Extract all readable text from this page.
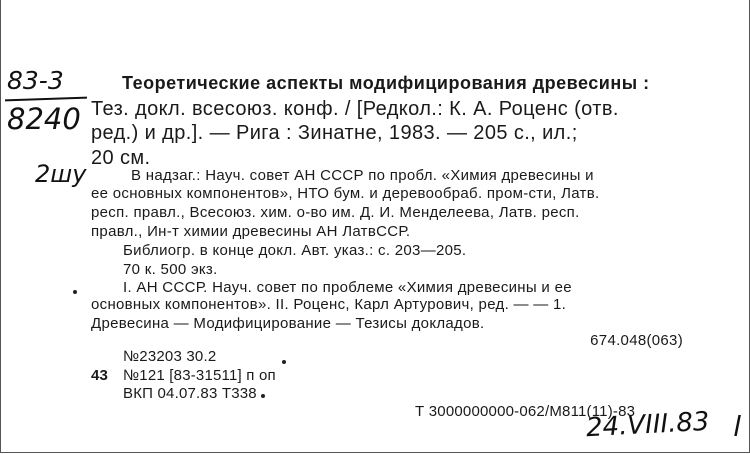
83-3
8240
2шу
Теоретические аспекты модифицирования древесины :
Тез. докл. всесоюз. конф. / [Редкол.: К. А. Роценс (отв.
ред.) и др.]. — Рига : Зинатне, 1983. — 205 с., ил.;
20 см.
В надзаг.: Науч. совет АН СССР по пробл. «Химия древесины и
ее основных компонентов», НТО бум. и деревообраб. пром-сти, Латв.
респ. правл., Всесоюз. хим. о-во им. Д. И. Менделеева, Латв. респ.
правл., Ин-т химии древесины АН ЛатвССР.
Библиогр. в конце докл. Авт. указ.: с. 203—205.
70 к. 500 экз.
I. АН СССР. Науч. совет по проблеме «Химия древесины и ее
основных компонентов». II. Роценс, Карл Артурович, ред. — — 1.
Древесина — Модифицирование — Тезисы докладов.
674.048(063)
№23203 30.2
43 №121 [83-31511] п оп
ВКП 04.07.83 Т338
Т 3000000000-062/М811(11)-83
24.VIII.83 l
